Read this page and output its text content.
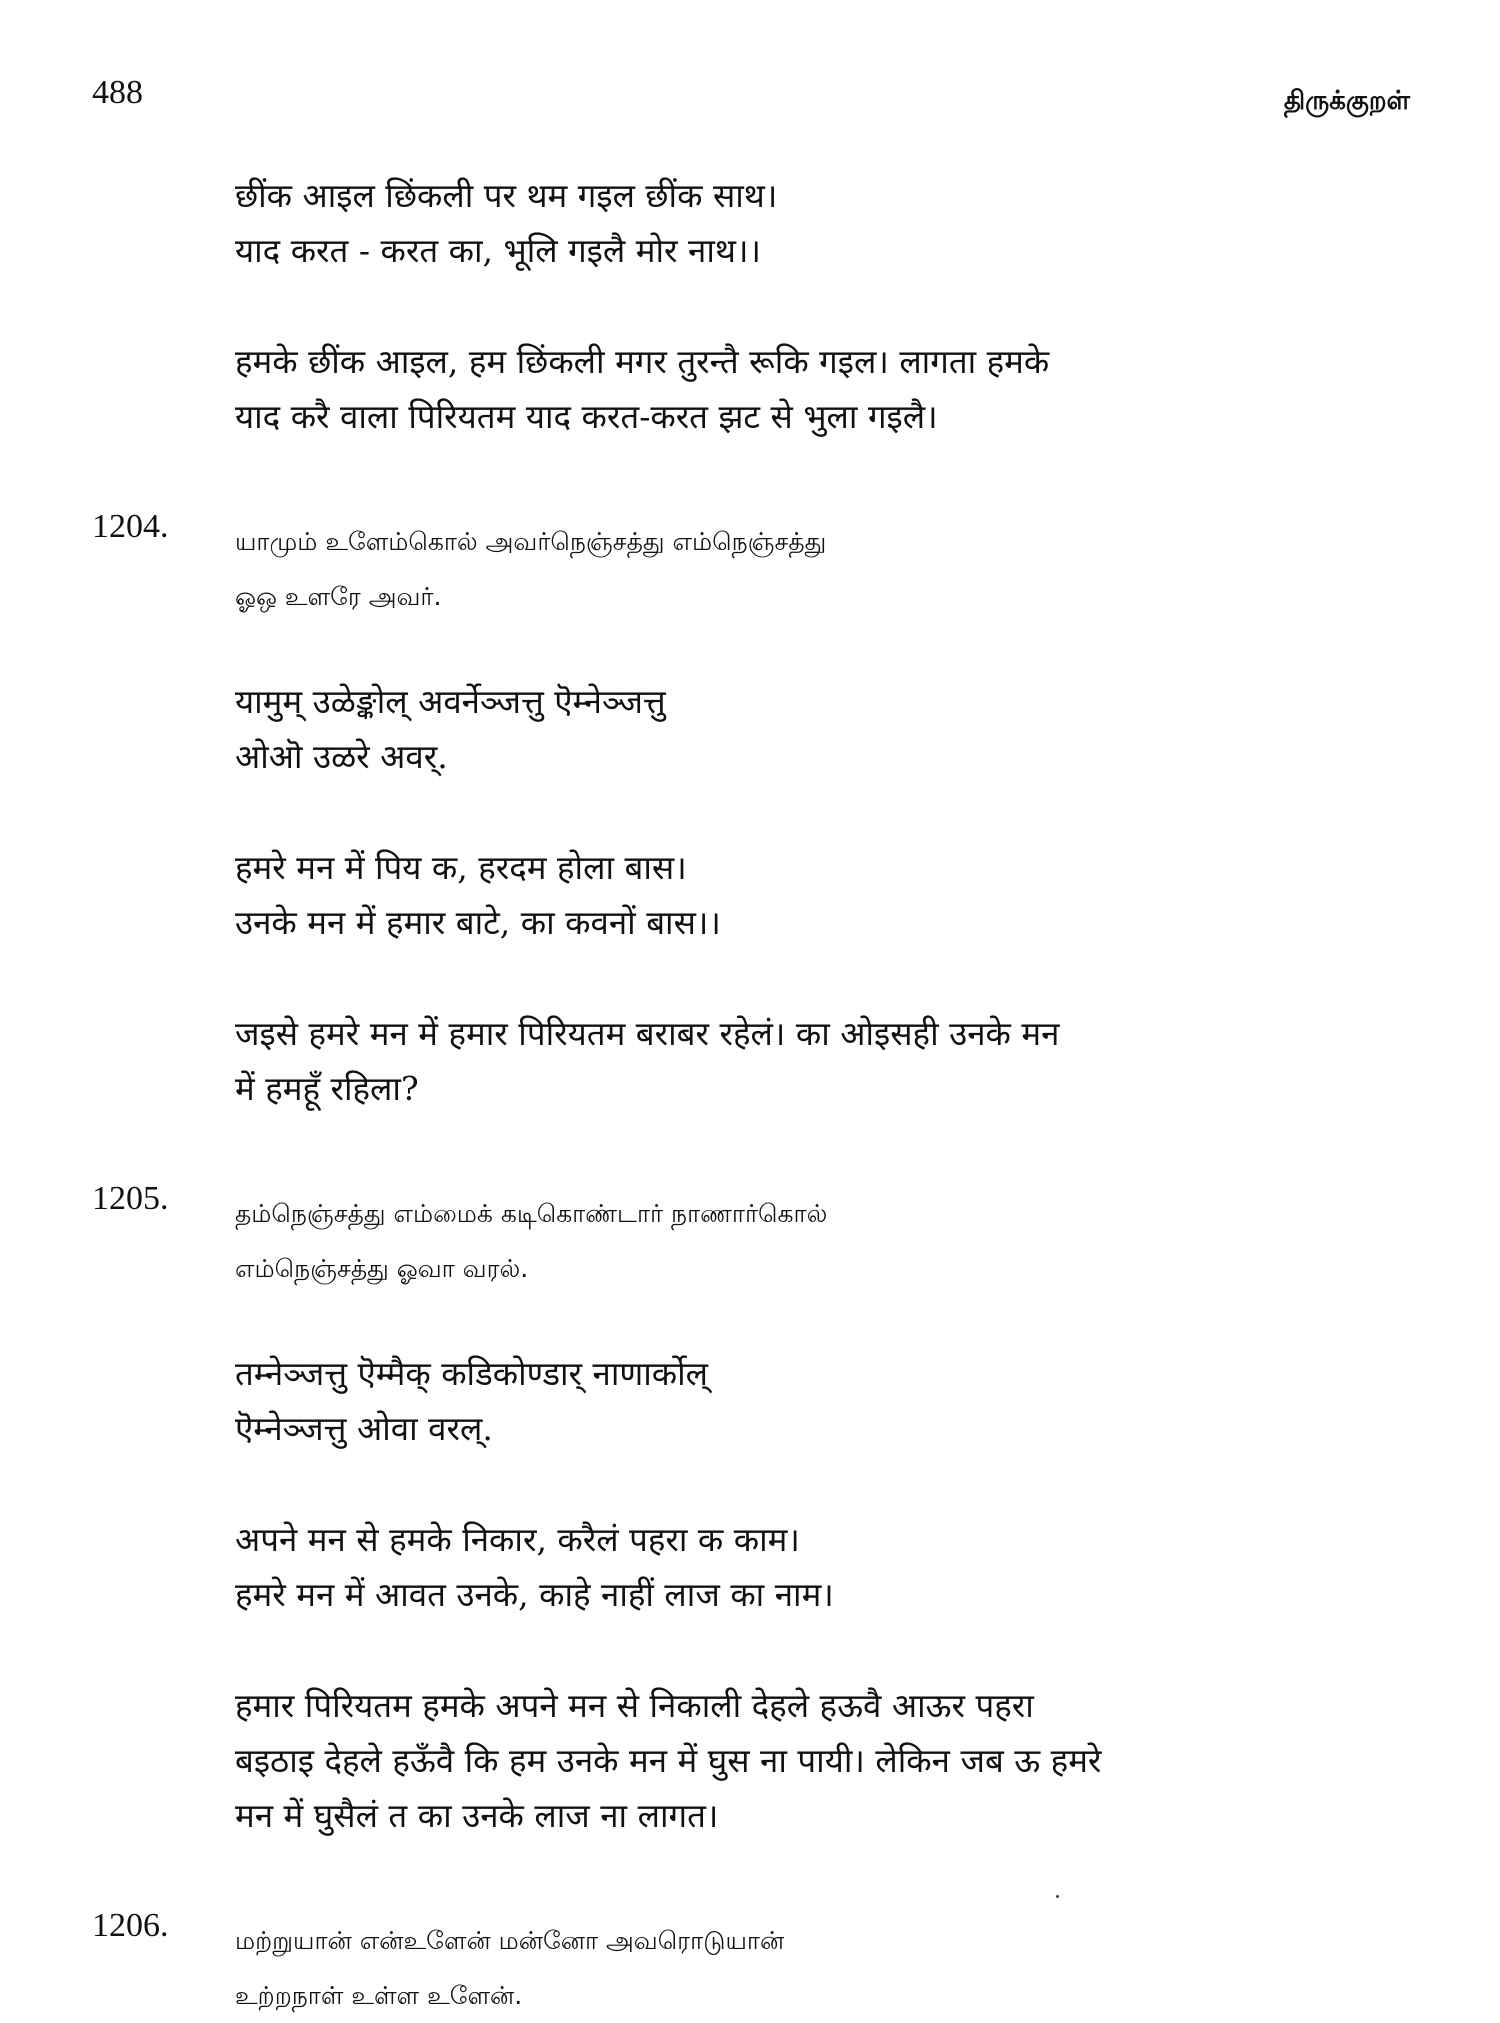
488	திருக்குறள்
छींक आइल छिंकली पर थम गइल छींक साथ।
याद करत - करत का, भूलि गइलै मोर नाथ।।
हमके छींक आइल, हम छिंकली मगर तुरन्तै रूकि गइल। लागता हमके
याद करै वाला पिरियतम याद करत-करत झट से भुला गइलै।
1204.	யாமும் உளேம்கொல் அவர்நெஞ்சத்து எம்நெஞ்சத்து
ஓஒ உளரே அவர்.
यामुम् उळेङ्कोल् अवर्नेञ्जत्तु ऎम्नेञ्जत्तु
ओऒ उळरे अवर्.
हमरे मन में पिय क, हरदम होला बास।
उनके मन में हमार बाटे, का कवनों बास।।
जइसे हमरे मन में हमार पिरियतम बराबर रहेलं। का ओइसही उनके मन
में हमहूँ रहिला?
1205.	தம்நெஞ்சத்து எம்மைக் கடிகொண்டார் நாணார்கொல்
எம்நெஞ்சத்து ஓவா வரல்.
तम्नेञ्जत्तु ऎम्मैक् कडिकोण्डार् नाणार्कोल्
ऎम्नेञ्जत्तु ओवा वरल्.
अपने मन से हमके निकार, करैलं पहरा क काम।
हमरे मन में आवत उनके, काहे नाहीं लाज का नाम।
हमार पिरियतम हमके अपने मन से निकाली देहले हऊवै आऊर पहरा
बइठाइ देहले हऊँवै कि हम उनके मन में घुस ना पायी। लेकिन जब ऊ हमरे
मन में घुसैलं त का उनके लाज ना लागत।
1206.	மற்றுயான் என்உளேன் மன்னோ அவரொடுயான்
உற்றநாள் உள்ள உளேன்.
